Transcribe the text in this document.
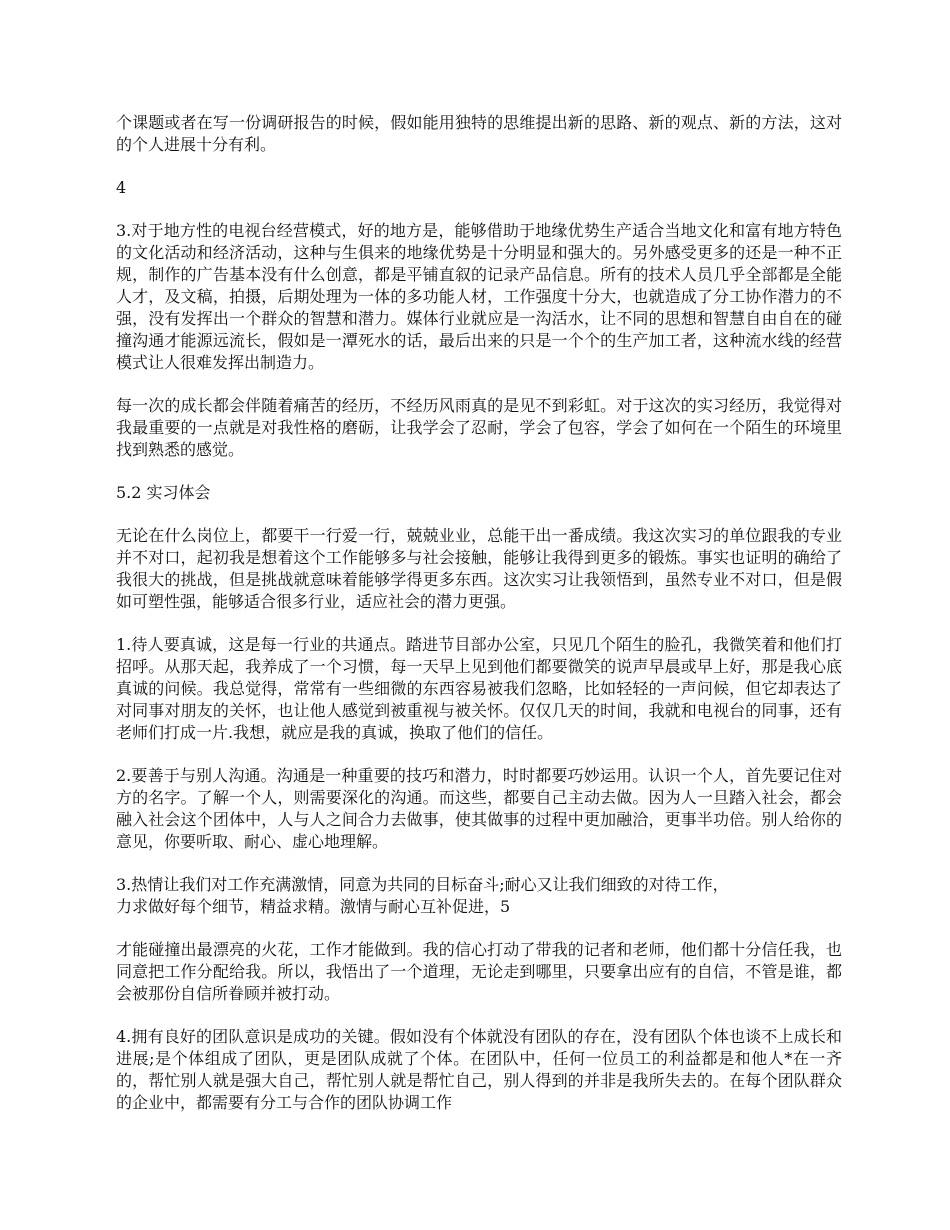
个课题或者在写一份调研报告的时候，假如能用独特的思维提出新的思路、新的观点、新的方法，这对的个人进展十分有利。

4

3.对于地方性的电视台经营模式，好的地方是，能够借助于地缘优势生产适合当地文化和富有地方特色的文化活动和经济活动，这种与生俱来的地缘优势是十分明显和强大的。另外感受更多的还是一种不正规，制作的广告基本没有什么创意，都是平铺直叙的记录产品信息。所有的技术人员几乎全部都是全能人才，及文稿，拍摄，后期处理为一体的多功能人材，工作强度十分大，也就造成了分工协作潜力的不强，没有发挥出一个群众的智慧和潜力。媒体行业就应是一沟活水，让不同的思想和智慧自由自在的碰撞沟通才能源远流长，假如是一潭死水的话，最后出来的只是一个个的生产加工者，这种流水线的经营模式让人很难发挥出制造力。

每一次的成长都会伴随着痛苦的经历，不经历风雨真的是见不到彩虹。对于这次的实习经历，我觉得对我最重要的一点就是对我性格的磨砺，让我学会了忍耐，学会了包容，学会了如何在一个陌生的环境里找到熟悉的感觉。

5.2 实习体会

无论在什么岗位上，都要干一行爱一行，兢兢业业，总能干出一番成绩。我这次实习的单位跟我的专业并不对口，起初我是想着这个工作能够多与社会接触，能够让我得到更多的锻炼。事实也证明的确给了我很大的挑战，但是挑战就意味着能够学得更多东西。这次实习让我领悟到，虽然专业不对口，但是假如可塑性强，能够适合很多行业，适应社会的潜力更强。

1.待人要真诚，这是每一行业的共通点。踏进节目部办公室，只见几个陌生的脸孔，我微笑着和他们打招呼。从那天起，我养成了一个习惯，每一天早上见到他们都要微笑的说声早晨或早上好，那是我心底真诚的问候。我总觉得，常常有一些细微的东西容易被我们忽略，比如轻轻的一声问候，但它却表达了对同事对朋友的关怀，也让他人感觉到被重视与被关怀。仅仅几天的时间，我就和电视台的同事，还有老师们打成一片.我想，就应是我的真诚，换取了他们的信任。

2.要善于与别人沟通。沟通是一种重要的技巧和潜力，时时都要巧妙运用。认识一个人，首先要记住对方的名字。了解一个人，则需要深化的沟通。而这些，都要自己主动去做。因为人一旦踏入社会，都会融入社会这个团体中，人与人之间合力去做事，使其做事的过程中更加融洽，更事半功倍。别人给你的意见，你要听取、耐心、虚心地理解。

3.热情让我们对工作充满激情，同意为共同的目标奋斗;耐心又让我们细致的对待工作，
力求做好每个细节，精益求精。激情与耐心互补促进，5

才能碰撞出最漂亮的火花，工作才能做到。我的信心打动了带我的记者和老师，他们都十分信任我，也同意把工作分配给我。所以，我悟出了一个道理，无论走到哪里，只要拿出应有的自信，不管是谁，都会被那份自信所眷顾并被打动。

4.拥有良好的团队意识是成功的关键。假如没有个体就没有团队的存在，没有团队个体也谈不上成长和进展;是个体组成了团队，更是团队成就了个体。在团队中，任何一位员工的利益都是和他人*在一齐的，帮忙别人就是强大自己，帮忙别人就是帮忙自己，别人得到的并非是我所失去的。在每个团队群众的企业中，都需要有分工与合作的团队协调工作
